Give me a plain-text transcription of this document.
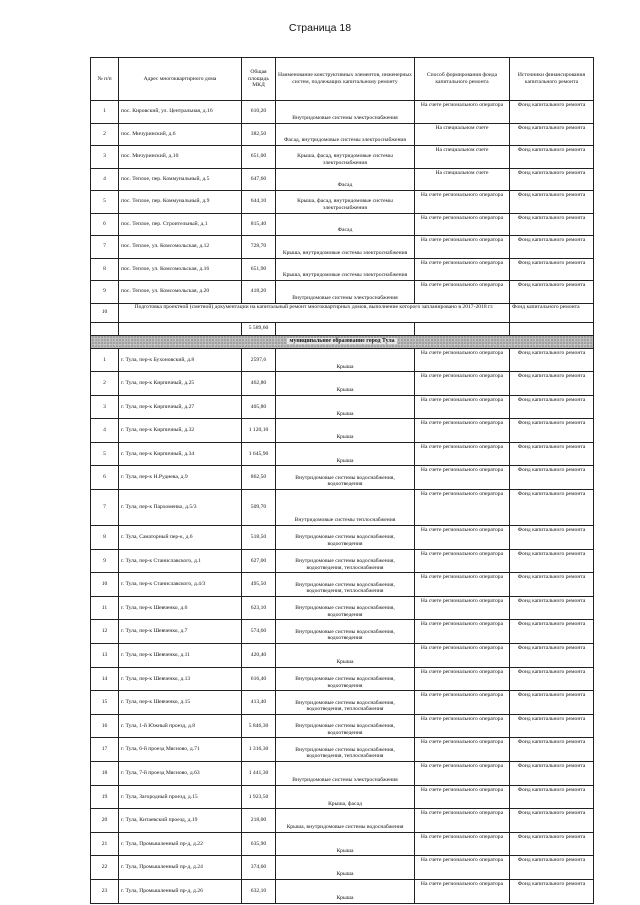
Страница 18
№ п/п	Адрес многоквартирного дома	Общая площадь МКД	Наименование конструктивных элементов, инженерных систем, подлежащих капитальному ремонту	Способ формирования фонда капитального ремонта	Источники финансирования капитального ремонта
1	пос. Кировский, ул. Центральная, д.16	610,20	Внутридомовые системы электроснабжения	На счете регионального оператора	Фонд капитального ремонта
2	пос. Мичуринский, д.6	382,50	Фасад, внутридомовые системы электроснабжения	На специальном счете	Фонд капитального ремонта
3	пос. Мичуринский, д.10	651,00	Крыша, фасад, внутридомовые системы электроснабжения	На специальном счете	Фонд капитального ремонта
4	пос. Теплое, пер. Коммунальный, д.5	647,60	Фасад	На специальном счете	Фонд капитального ремонта
5	пос. Теплое, пер. Коммунальный, д.9	644,10	Крыша, фасад, внутридомовые системы электроснабжения	На счете регионального оператора	Фонд капитального ремонта
6	пос. Теплое, пер. Строительный, д.1	815,40	Фасад	На счете регионального оператора	Фонд капитального ремонта
7	пос. Теплое, ул. Комсомольская, д.12	728,70	Крыша, внутридомовые системы электроснабжения	На счете регионального оператора	Фонд капитального ремонта
8	пос. Теплое, ул. Комсомольская, д.16	651,90	Крыша, внутридомовые системы электроснабжения	На счете регионального оператора	Фонд капитального ремонта
9	пос. Теплое, ул. Комсомольская, д.20	418,20	Внутридомовые системы электроснабжения	На счете регионального оператора	Фонд капитального ремонта
10	Подготовка проектной (сметной) документации на капитальный ремонт многоквартирных домов, выполнение которого запланировано в 2017-2018 гг.				Фонд капитального ремонта
		5 589,60			
муниципальное образование город Тула					
1	г. Тула, пер-к Бухоновский, д.8	2597,6	Крыша	На счете регионального оператора	Фонд капитального ремонта
2	г. Тула, пер-к Кирпичный, д.25	462,80	Крыша	На счете регионального оператора	Фонд капитального ремонта
3	г. Тула, пер-к Кирпичный, д.27	405,80	Крыша	На счете регионального оператора	Фонд капитального ремонта
4	г. Тула, пер-к Кирпичный, д.32	1 120,10	Крыша	На счете регионального оператора	Фонд капитального ремонта
5	г. Тула, пер-к Кирпичный, д.34	1 645,90	Крыша	На счете регионального оператора	Фонд капитального ремонта
6	г. Тула, пер-к Н.Руднева, д.9	862,50	Внутридомовые системы водоснабжения, водоотведения	На счете регионального оператора	Фонд капитального ремонта
7	г. Тула, пер-к Пархоменко, д.5/3	509,70	Внутридомовые системы теплоснабжения	На счете регионального оператора	Фонд капитального ремонта
8	г. Тула, Санаторный пер-к, д.6	518,50	Внутридомовые системы водоснабжения, водоотведения	На счете регионального оператора	Фонд капитального ремонта
9	г. Тула, пер-к Станиславского, д.1	627,00	Внутридомовые системы водоснабжения, водоотведения, теплоснабжения	На счете регионального оператора	Фонд капитального ремонта
10	г. Тула, пер-к Станиславского, д.4/3	495,50	Внутридомовые системы водоснабжения, водоотведения, теплоснабжения	На счете регионального оператора	Фонд капитального ремонта
11	г. Тула, пер-к Шевченко, д.6	623,10	Внутридомовые системы водоснабжения, водоотведения	На счете регионального оператора	Фонд капитального ремонта
12	г. Тула, пер-к Шевченко, д.7	574,60	Внутридомовые системы водоснабжения, водоотведения	На счете регионального оператора	Фонд капитального ремонта
13	г. Тула, пер-к Шевченко, д.11	420,40	Крыша	На счете регионального оператора	Фонд капитального ремонта
14	г. Тула, пер-к Шевченко, д.13	616,40	Внутридомовые системы водоснабжения, водоотведения	На счете регионального оператора	Фонд капитального ремонта
15	г. Тула, пер-к Шевченко, д.15	413,40	Внутридомовые системы водоснабжения, водоотведения, теплоснабжения	На счете регионального оператора	Фонд капитального ремонта
16	г. Тула, 1-й Южный проезд, д.8	5 846,30	Внутридомовые системы водоснабжения, водоотведения	На счете регионального оператора	Фонд капитального ремонта
17	г. Тула, 6-й проезд Мясново, д.71	1 316,30	Внутридомовые системы водоснабжения, водоотведения, теплоснабжения	На счете регионального оператора	Фонд капитального ремонта
18	г. Тула, 7-й проезд Мясново, д.63	1 441,30	Внутридомовые системы электроснабжения	На счете регионального оператора	Фонд капитального ремонта
19	г. Тула, Загородный проезд, д.15	1 923,50	Крыша, фасад	На счете регионального оператора	Фонд капитального ремонта
20	г. Тула, Китаевский проезд, д.19	218,00	Крыша, внутридомовые системы водоснабжения	На счете регионального оператора	Фонд капитального ремонта
21	г. Тула, Промышленный пр-д, д.22	635,90	Крыша	На счете регионального оператора	Фонд капитального ремонта
22	г. Тула, Промышленный пр-д, д.24	374,60	Крыша	На счете регионального оператора	Фонд капитального ремонта
23	г. Тула, Промышленный пр-д, д.26	632,10	Крыша	На счете регионального оператора	Фонд капитального ремонта
